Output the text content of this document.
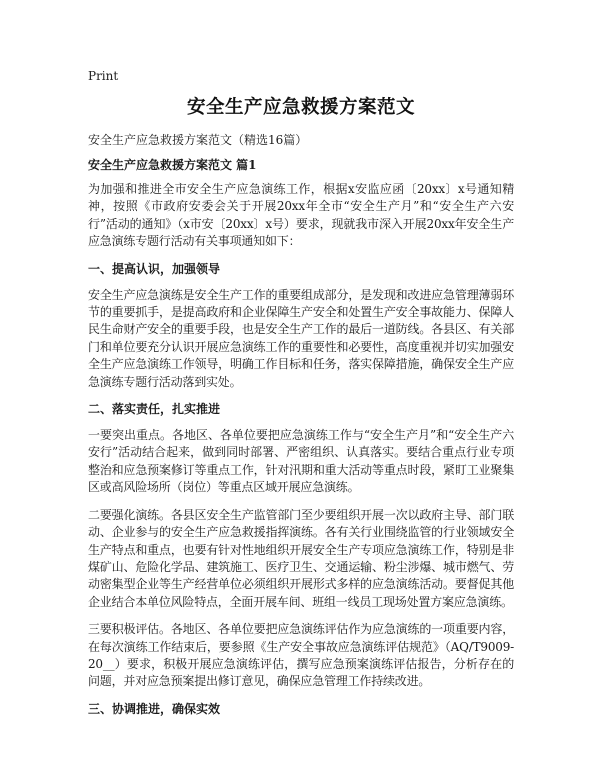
Print
安全生产应急救援方案范文
安全生产应急救援方案范文（精选16篇）
安全生产应急救援方案范文 篇1
为加强和推进全市安全生产应急演练工作，根据x安监应函〔20xx〕x号通知精神，按照《市政府安委会关于开展20xx年全市“安全生产月”和“安全生产六安行”活动的通知》（x市安〔20xx〕x号）要求，现就我市深入开展20xx年安全生产应急演练专题行活动有关事项通知如下：
一、提高认识，加强领导
安全生产应急演练是安全生产工作的重要组成部分，是发现和改进应急管理薄弱环节的重要抓手，是提高政府和企业保障生产安全和处置生产安全事故能力、保障人民生命财产安全的重要手段，也是安全生产工作的最后一道防线。各县区、有关部门和单位要充分认识开展应急演练工作的重要性和必要性，高度重视并切实加强安全生产应急演练工作领导，明确工作目标和任务，落实保障措施，确保安全生产应急演练专题行活动落到实处。
二、落实责任，扎实推进
一要突出重点。各地区、各单位要把应急演练工作与“安全生产月”和“安全生产六安行”活动结合起来，做到同时部署、严密组织、认真落实。要结合重点行业专项整治和应急预案修订等重点工作，针对汛期和重大活动等重点时段，紧盯工业聚集区或高风险场所（岗位）等重点区域开展应急演练。
二要强化演练。各县区安全生产监管部门至少要组织开展一次以政府主导、部门联动、企业参与的安全生产应急救援指挥演练。各有关行业围绕监管的行业领域安全生产特点和重点，也要有针对性地组织开展安全生产专项应急演练工作，特别是非煤矿山、危险化学品、建筑施工、医疗卫生、交通运输、粉尘涉爆、城市燃气、劳动密集型企业等生产经营单位必须组织开展形式多样的应急演练活动。要督促其他企业结合本单位风险特点，全面开展车间、班组一线员工现场处置方案应急演练。
三要积极评估。各地区、各单位要把应急演练评估作为应急演练的一项重要内容，在每次演练工作结束后，要参照《生产安全事故应急演练评估规范》（AQ/T9009-20__）要求，积极开展应急演练评估，撰写应急预案演练评估报告，分析存在的问题，并对应急预案提出修订意见，确保应急管理工作持续改进。
三、协调推进，确保实效
